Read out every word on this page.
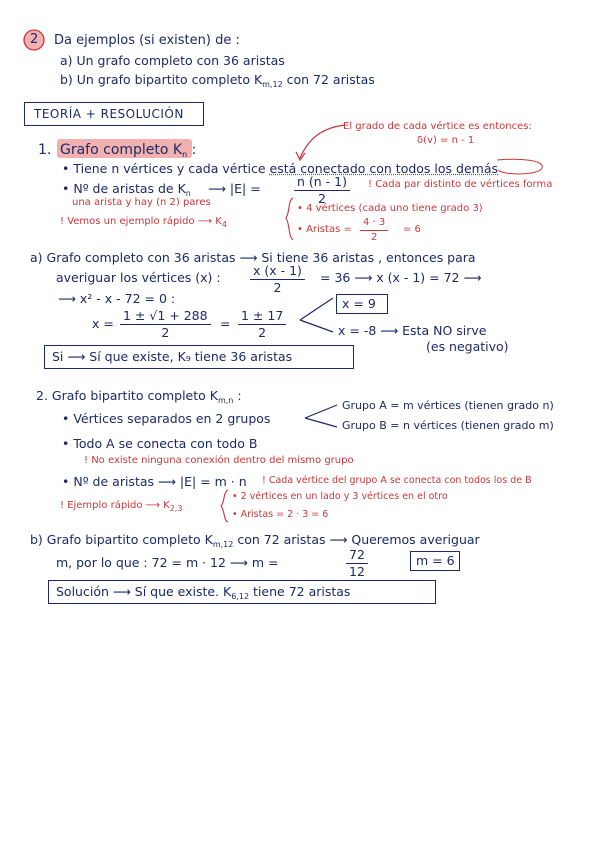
2 Da ejemplos (si existen) de :
a) Un grafo completo con 36 aristas
b) Un grafo bipartito completo $K_{m,12}$ con 72 aristas
TEORÍA + RESOLUCIÓN
El grado de cada vértice es entonces:
δ(v) = n - 1
1. Grafo completo $K_n$ :
• Tiene n vértices y cada vértice está conectado con todos los demás
• Nº de aristas de $K_n$ ⟶ |E| =	$\frac{n (n - 1)}{2}$ ! Cada par distinto de vértices forma
una arista y hay (n 2) pares
! Vemos un ejemplo rápido ⟶ $K_4$
• 4 vértices (cada uno tiene grado 3)
• Aristas = $\frac{4 \cdot 3}{2} = 6$
a) Grafo completo con 36 aristas ⟶ Si tiene 36 aristas , entonces para
averiguar los vértices (x) : $\frac{x (x - 1)}{2} = 36$ ⟶ x (x - 1) = 72 ⟶
⟶ x² - x - 72 = 0 :
$x = \frac{1 \pm √1 + 288}{2} = \frac{1 \pm 17}{2}$
x = 9
x = -8 ⟶ Esta NO sirve
(es negativo)
Si ⟶ Sí que existe, K₉ tiene 36 aristas
2. Grafo bipartito completo $K_{m,n}$ :
• Vértices separados en 2 grupos
Grupo A = m vértices (tienen grado n)
Grupo B = n vértices (tienen grado m)
• Todo A se conecta con todo B
! No existe ninguna conexión dentro del mismo grupo
• Nº de aristas ⟶ |E| = m · n ! Cada vértice del grupo A se conecta con todos los de B
! Ejemplo rápido ⟶ $K_{2,3}$
• 2 vértices en un lado y 3 vértices en el otro
• Aristas = 2 · 3 = 6
b) Grafo bipartito completo $K_{m,12}$ con 72 aristas ⟶ Queremos averiguar
m, por lo que : 72 = m · 12 ⟶ m =	$\frac{72}{12}$	m = 6
Solución ⟶ Sí que existe. $K_{6,12}$ tiene 72 aristas
